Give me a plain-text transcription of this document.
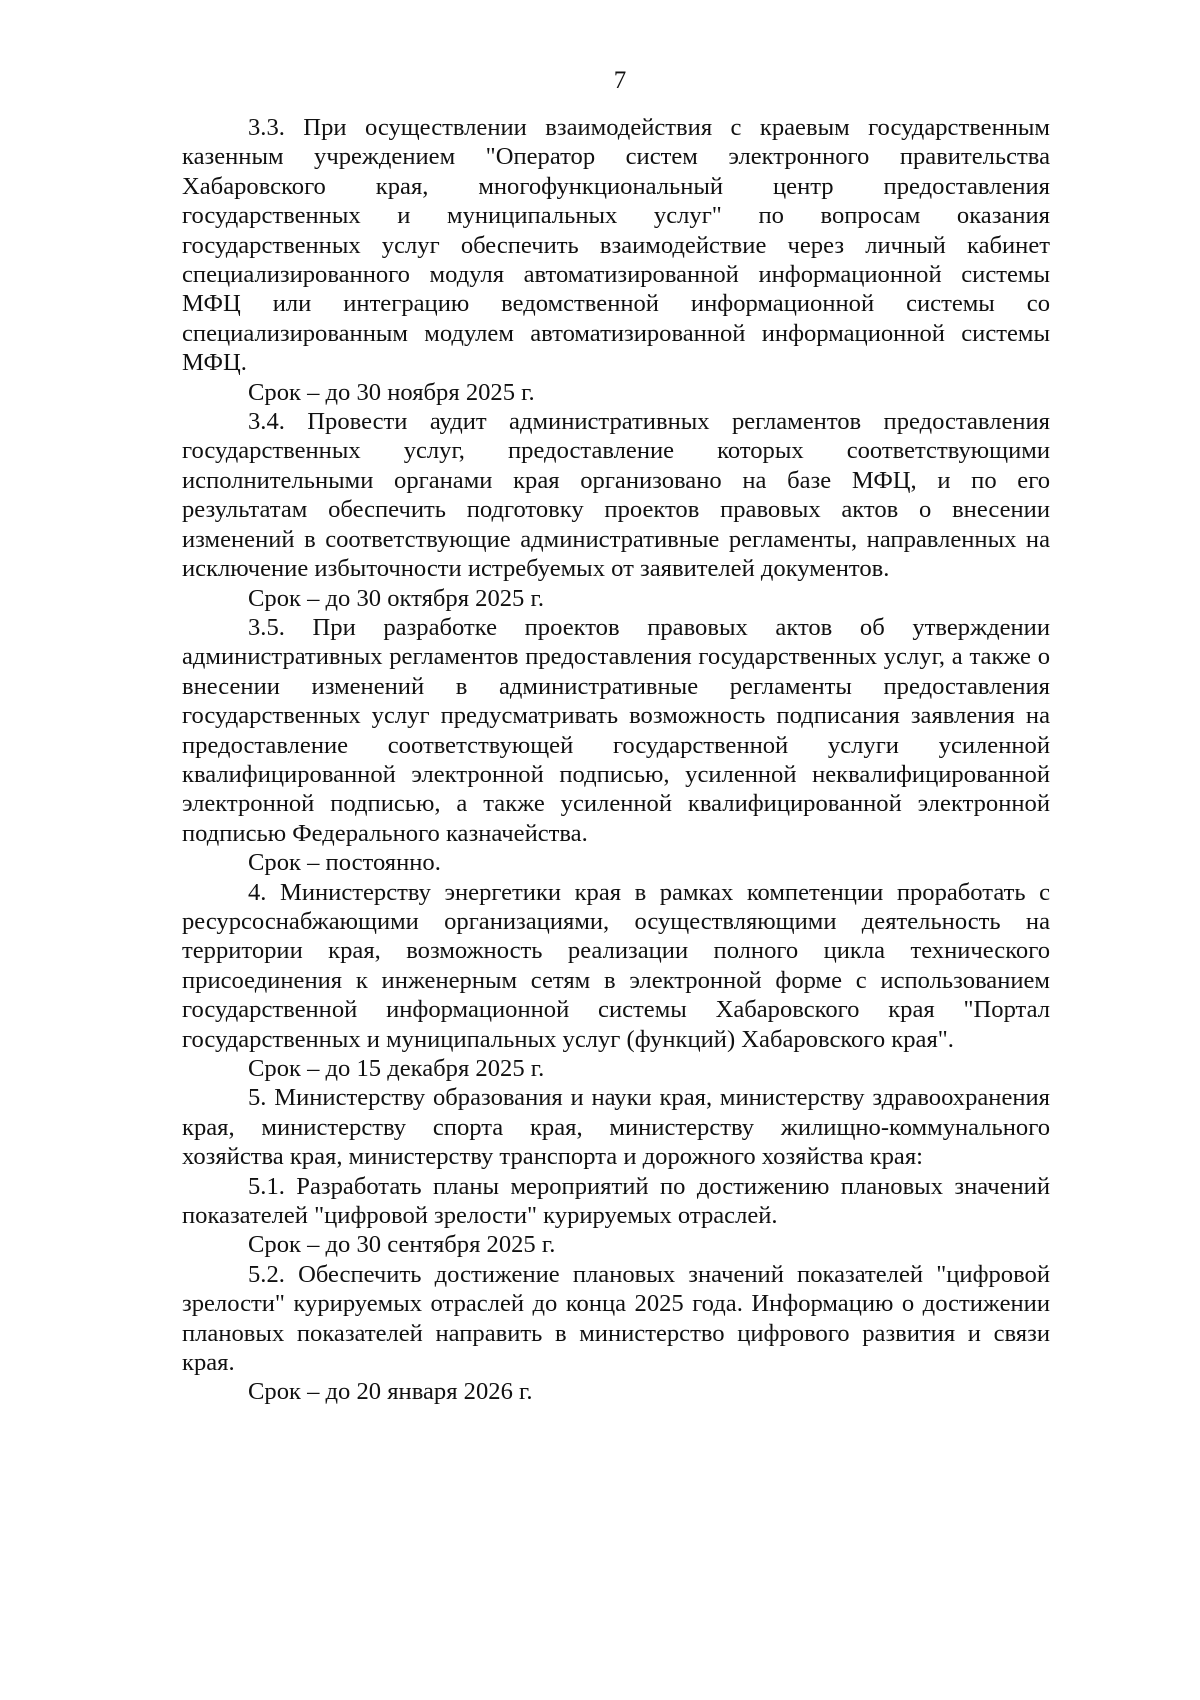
7

3.3. При осуществлении взаимодействия с краевым государственным казенным учреждением "Оператор систем электронного правительства Хабаровского края, многофункциональный центр предоставления государственных и муниципальных услуг" по вопросам оказания государственных услуг обеспечить взаимодействие через личный кабинет специализированного модуля автоматизированной информационной системы МФЦ или интеграцию ведомственной информационной системы со специализированным модулем автоматизированной информационной системы МФЦ.

Срок – до 30 ноября 2025 г.

3.4. Провести аудит административных регламентов предоставления государственных услуг, предоставление которых соответствующими исполнительными органами края организовано на базе МФЦ, и по его результатам обеспечить подготовку проектов правовых актов о внесении изменений в соответствующие административные регламенты, направленных на исключение избыточности истребуемых от заявителей документов.

Срок – до 30 октября 2025 г.

3.5. При разработке проектов правовых актов об утверждении административных регламентов предоставления государственных услуг, а также о внесении изменений в административные регламенты предоставления государственных услуг предусматривать возможность подписания заявления на предоставление соответствующей государственной услуги усиленной квалифицированной электронной подписью, усиленной неквалифицированной электронной подписью, а также усиленной квалифицированной электронной подписью Федерального казначейства.

Срок – постоянно.

4. Министерству энергетики края в рамках компетенции проработать с ресурсоснабжающими организациями, осуществляющими деятельность на территории края, возможность реализации полного цикла технического присоединения к инженерным сетям в электронной форме с использованием государственной информационной системы Хабаровского края "Портал государственных и муниципальных услуг (функций) Хабаровского края".

Срок – до 15 декабря 2025 г.

5. Министерству образования и науки края, министерству здравоохранения края, министерству спорта края, министерству жилищно-коммунального хозяйства края, министерству транспорта и дорожного хозяйства края:

5.1. Разработать планы мероприятий по достижению плановых значений показателей "цифровой зрелости" курируемых отраслей.

Срок – до 30 сентября 2025 г.

5.2. Обеспечить достижение плановых значений показателей "цифровой зрелости" курируемых отраслей до конца 2025 года. Информацию о достижении плановых показателей направить в министерство цифрового развития и связи края.

Срок – до 20 января 2026 г.
